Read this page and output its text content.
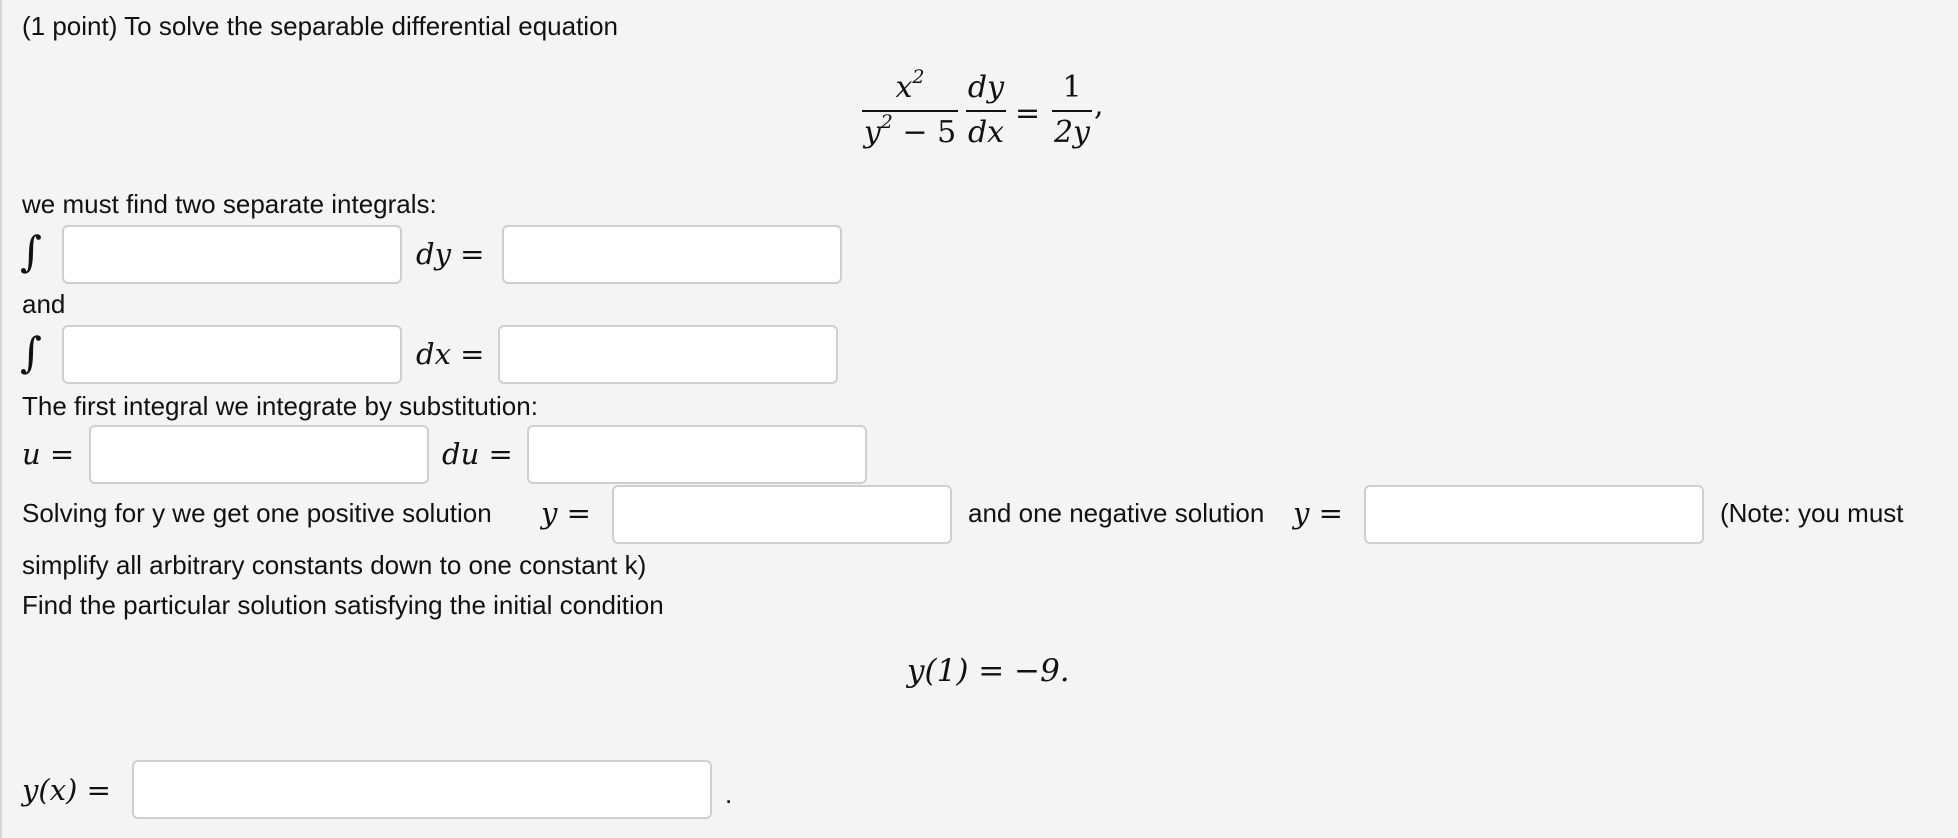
(1 point) To solve the separable differential equation
$x^2$
$y^2 - 5$
dy
dx
=
1
2y
,
we must find two separate integrals:
∫	dy =
and
∫	dx =
The first integral we integrate by substitution:
u =	du =
Solving for y we get one positive solution y =	and one negative solution y =	(Note: you must
simplify all arbitrary constants down to one constant k)
Find the particular solution satisfying the initial condition
y(1) = −9.
y(x) =	.
